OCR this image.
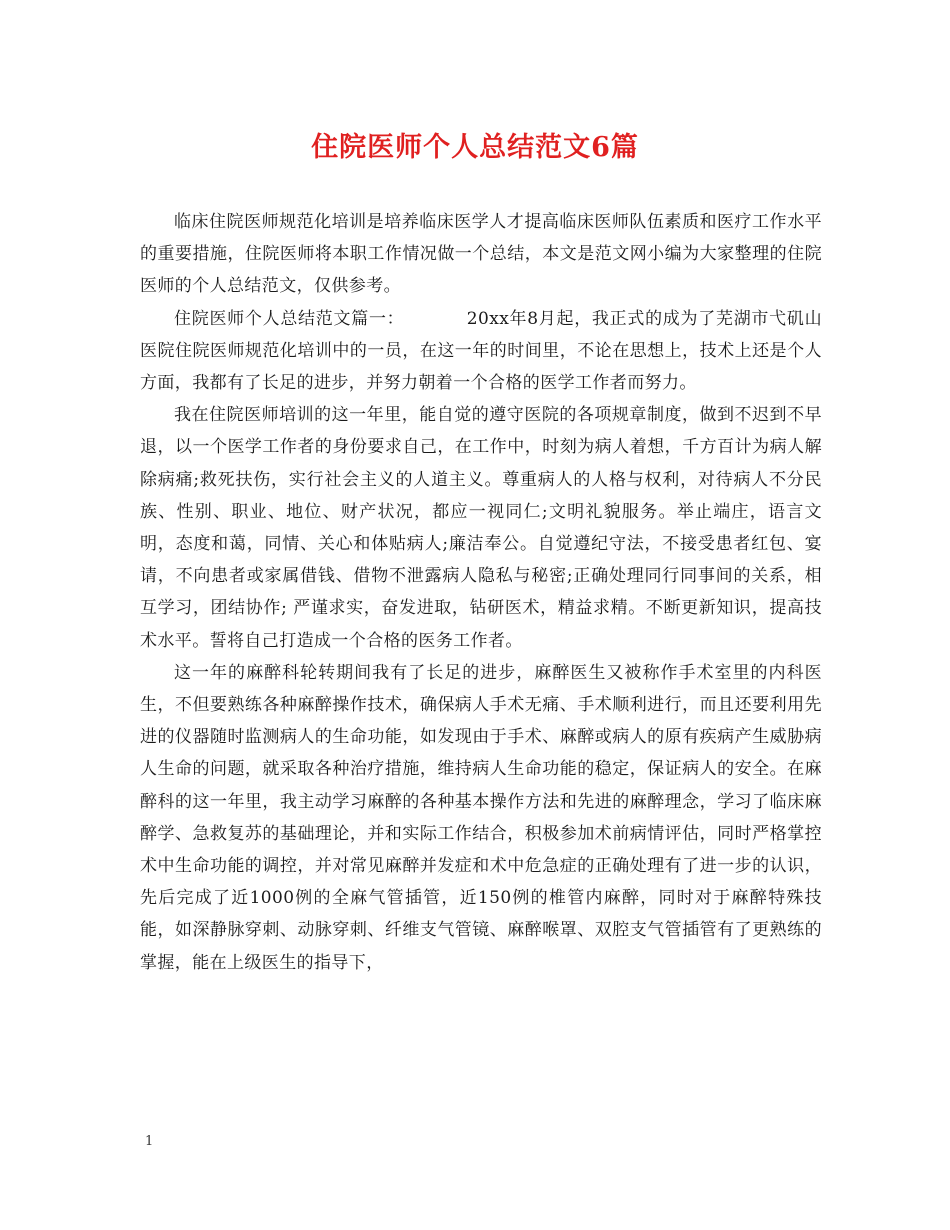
住院医师个人总结范文6篇

临床住院医师规范化培训是培养临床医学人才提高临床医师队伍素质和医疗工作水平的重要措施，住院医师将本职工作情况做一个总结，本文是范文网小编为大家整理的住院医师的个人总结范文，仅供参考。

住院医师个人总结范文篇一：　　　　20xx年8月起，我正式的成为了芜湖市弋矶山医院住院医师规范化培训中的一员，在这一年的时间里，不论在思想上，技术上还是个人方面，我都有了长足的进步，并努力朝着一个合格的医学工作者而努力。

我在住院医师培训的这一年里，能自觉的遵守医院的各项规章制度，做到不迟到不早退，以一个医学工作者的身份要求自己，在工作中，时刻为病人着想，千方百计为病人解除病痛;救死扶伤，实行社会主义的人道主义。尊重病人的人格与权利，对待病人不分民族、性别、职业、地位、财产状况，都应一视同仁;文明礼貌服务。举止端庄，语言文明，态度和蔼，同情、关心和体贴病人;廉洁奉公。自觉遵纪守法，不接受患者红包、宴请，不向患者或家属借钱、借物不泄露病人隐私与秘密;正确处理同行同事间的关系，相互学习，团结协作; 严谨求实，奋发进取，钻研医术，精益求精。不断更新知识，提高技术水平。誓将自己打造成一个合格的医务工作者。

这一年的麻醉科轮转期间我有了长足的进步，麻醉医生又被称作手术室里的内科医生，不但要熟练各种麻醉操作技术，确保病人手术无痛、手术顺利进行，而且还要利用先进的仪器随时监测病人的生命功能，如发现由于手术、麻醉或病人的原有疾病产生威胁病人生命的问题，就采取各种治疗措施，维持病人生命功能的稳定，保证病人的安全。在麻醉科的这一年里，我主动学习麻醉的各种基本操作方法和先进的麻醉理念，学习了临床麻醉学、急救复苏的基础理论，并和实际工作结合，积极参加术前病情评估，同时严格掌控术中生命功能的调控，并对常见麻醉并发症和术中危急症的正确处理有了进一步的认识，先后完成了近1000例的全麻气管插管，近150例的椎管内麻醉，同时对于麻醉特殊技能，如深静脉穿刺、动脉穿刺、纤维支气管镜、麻醉喉罩、双腔支气管插管有了更熟练的掌握，能在上级医生的指导下，

1
